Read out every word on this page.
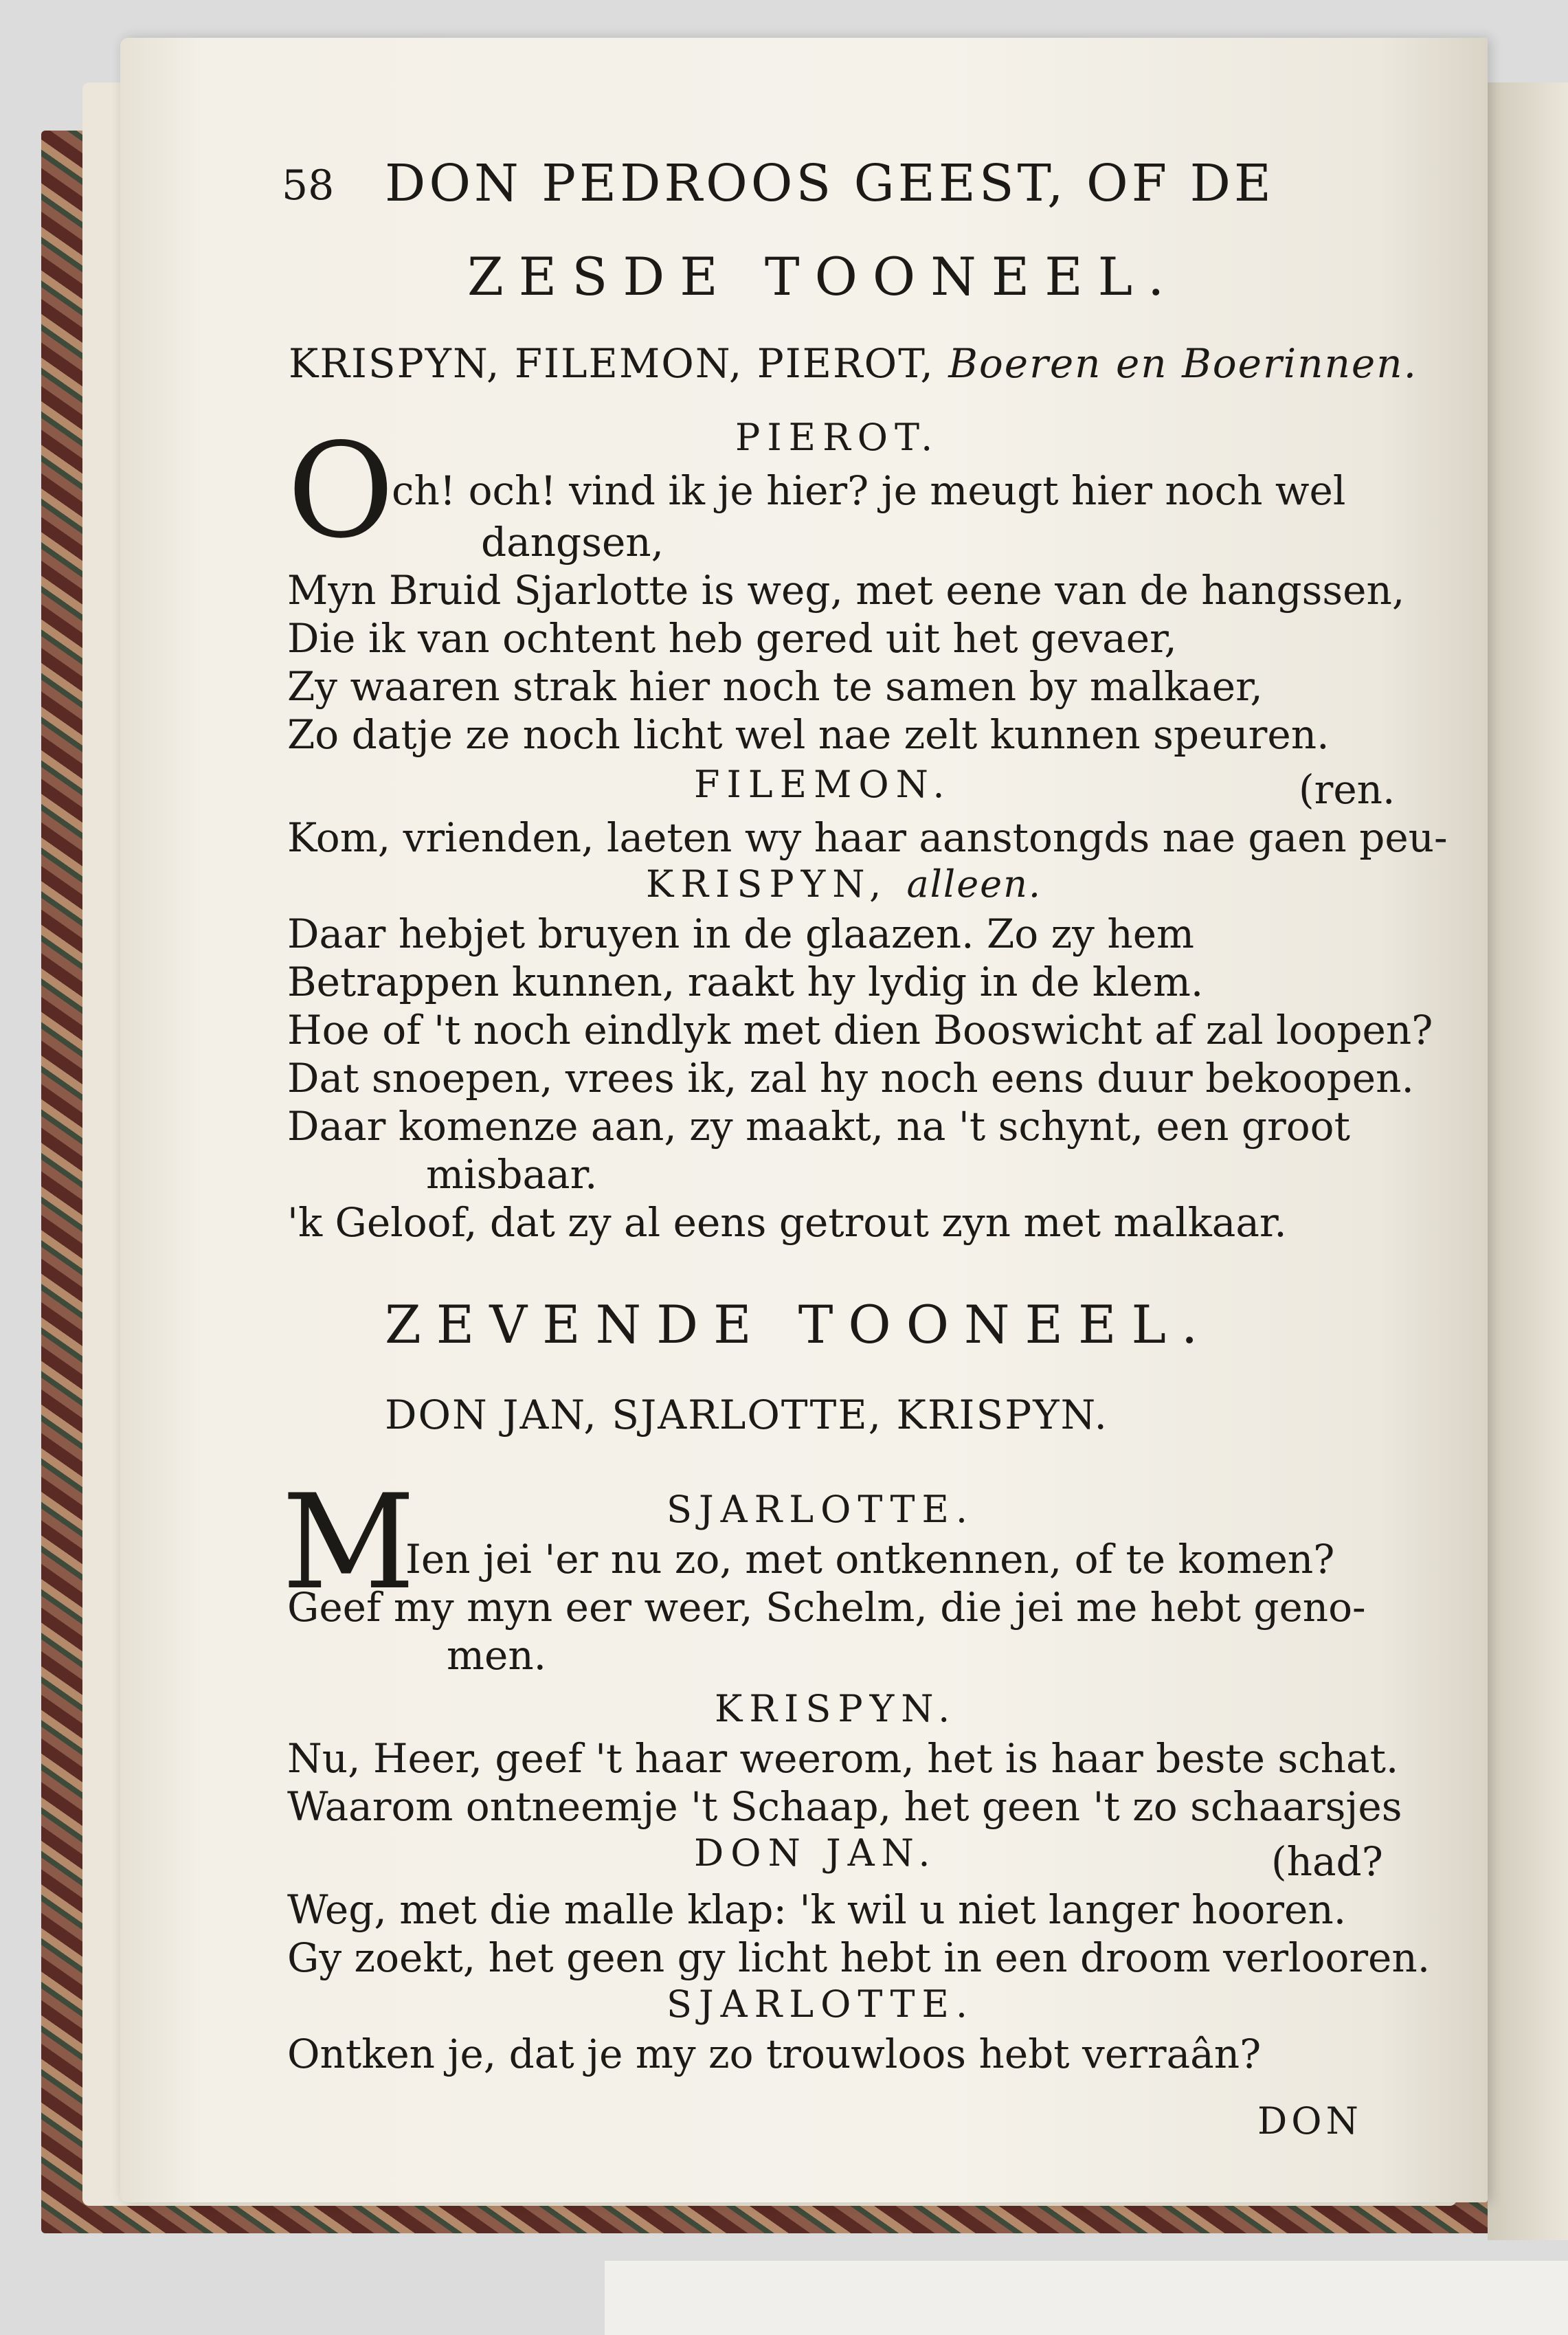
58 DON PEDROOS GEEST, OF DE
ZESDE TOONEEL.
KRISPYN, FILEMON, PIEROT, Boeren en Boerinnen.
PIEROT.
O
ch! och! vind ik je hier? je meugt hier noch wel
dangsen,
Myn Bruid Sjarlotte is weg, met eene van de hangssen,
Die ik van ochtent heb gered uit het gevaer,
Zy waaren strak hier noch te samen by malkaer,
Zo datje ze noch licht wel nae zelt kunnen speuren.
FILEMON.	(ren.
Kom, vrienden, laeten wy haar aanstongds nae gaen peu-
KRISPYN, alleen.
Daar hebjet bruyen in de glaazen. Zo zy hem
Betrappen kunnen, raakt hy lydig in de klem.
Hoe of 't noch eindlyk met dien Booswicht af zal loopen?
Dat snoepen, vrees ik, zal hy noch eens duur bekoopen.
Daar komenze aan, zy maakt, na 't schynt, een groot
misbaar.
'k Geloof, dat zy al eens getrout zyn met malkaar.
ZEVENDE TOONEEL.
DON JAN, SJARLOTTE, KRISPYN.
SJARLOTTE.
M
Ien jei 'er nu zo, met ontkennen, of te komen?
Geef my myn eer weer, Schelm, die jei me hebt geno-
men.
KRISPYN.
Nu, Heer, geef 't haar weerom, het is haar beste schat.
Waarom ontneemje 't Schaap, het geen 't zo schaarsjes
DON JAN.	(had?
Weg, met die malle klap: 'k wil u niet langer hooren.
Gy zoekt, het geen gy licht hebt in een droom verlooren.
SJARLOTTE.
Ontken je, dat je my zo trouwloos hebt verraân?
DON
